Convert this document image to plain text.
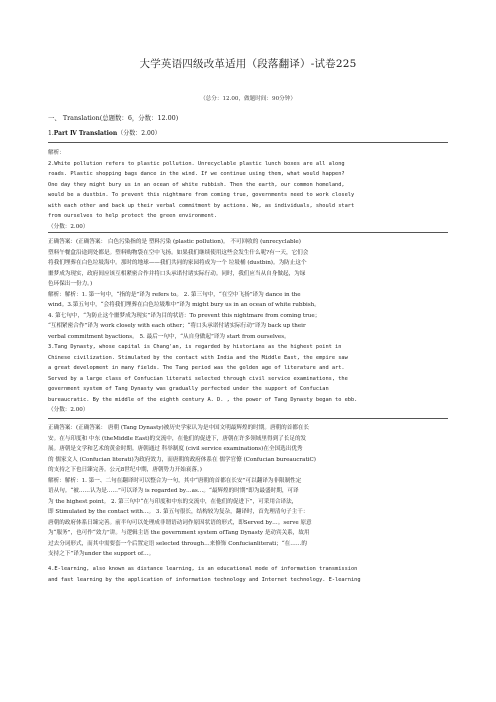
大学英语四级改革适用（段落翻译）-试卷225
（总分：12.00，做题时间：90分钟）
一、 Translation(总题数：6，分数：12.00)
1.Part Ⅳ Translation（分数：2.00）

解析：

2.White pollution refers to plastic pollution. Unrecyclable plastic lunch boxes are all along

roads. Plastic shopping bags dance in the wind. If we continue using them, what would happen?

One day they might bury us in an ocean of white rubbish. Then the earth, our common homeland,

would be a dustbin. To prevent this nightmare from coming true, governments need to work closely

with each other and back up their verbal commitment by actions. We, as individuals, should start

from ourselves to help protect the green environment.

（分数：2.00）

正确答案：(正确答案： 白色污染指的是 塑料污染 (plastic pollution)。 不可回收的 (unrecyclable)

塑料午餐盒沿途到处都是。塑料购物袋在空中飞扬。如果我们继续使用这些会发生什么呢?有一天，它们会

将我们埋葬在白色垃圾海中。那时的地球——我们共同的家园将成为一个 垃圾桶 (dustbin)。为防止这个

噩梦成为现实，政府间应该互相紧密合作并将口头承诺付诸实际行动。同时，我们应当从自身做起，为绿

色环保出一份力。)

解析：解析：1. 第一句中，“指的是”译为 refers to。 2. 第三句中，“在空中飞扬”译为 dance in the

wind。3.第五句中，“会将我们埋葬在白色垃圾堆中”译为 might bury us in an ocean of white rubbish。

4. 第七句中，“为防止这个噩梦成为现实”译为目的状语：To prevent this nightmare from coming true；

“互相紧密合作”译为 work closely with each other；“将口头承诺付诸实际行动”译为 back up their

verbal commitment byactions。 5. 最后一句中，“从自身做起”译为 start from ourselves。

3.Tang Dynasty, whose capital is Chang'an, is regarded by historians as the highest point in

Chinese civilization. Stimulated by the contact with India and the Middle East, the empire saw

a great development in many fields. The Tang period was the golden age of literature and art.

Served by a large class of Confucian literati selected through civil service examinations, the

government system of Tang Dynasty was gradually perfected under the support of Confucian

bureaucratic. By the middle of the eighth century A. D. , the power of Tang Dynasty began to ebb.

（分数：2.00）

正确答案：(正确答案： 唐朝 (Tang Dynasty)被历史学家认为是中国文明最辉煌的时期。唐朝的首都在长

安。在与印度和 中东 (theMiddle East)的交流中，在他们的促进下，唐朝在许多领域里得到了长足的发

展。唐朝是文学和艺术的黄金时期。唐朝通过 科举制度 (civil service examinations)在全国选出优秀

的 儒家文人 (Confucian literati)为政府效力，而唐朝的政府体系在 儒学官僚 (Confucian bureaucratiC)

的支持之下也日臻完善。公元8世纪中期，唐朝势力开始衰落。)

解析：解析：1. 第一、二句在翻译时可以整合为一句，其中“唐朝的首都在长安”可以翻译为非限制性定

语从句。“被……认为是……”可以译为 is regarded by…as…。“最辉煌的时期”即为最盛时期，可译

为 the highest point。 2. 第三句中“在与印度和中东的交流中，在他们的促进下”，可采用合译法，

即 Stimulated by the contact with…。 3. 第五句很长，结构较为复杂，翻译时，首先理清句子主干：

唐朝的政府体系日臻完善。前半句可以处理成非谓语动词作原因状语的形式，即Served by…。serve 原意

为“服务”，也可作“效力”讲。与逻辑主语 the government system ofTang Dynasty 是动宾关系，故用

过去分词形式，而其中需要套一个后置定语 selected through…来修饰 Confucianliterati；“在……的

支持之下”译为under the support of…。

4.E-learning, also known as distance learning, is an educational mode of information transmission

and fast learning by the application of information technology and Internet technology. E-learning
